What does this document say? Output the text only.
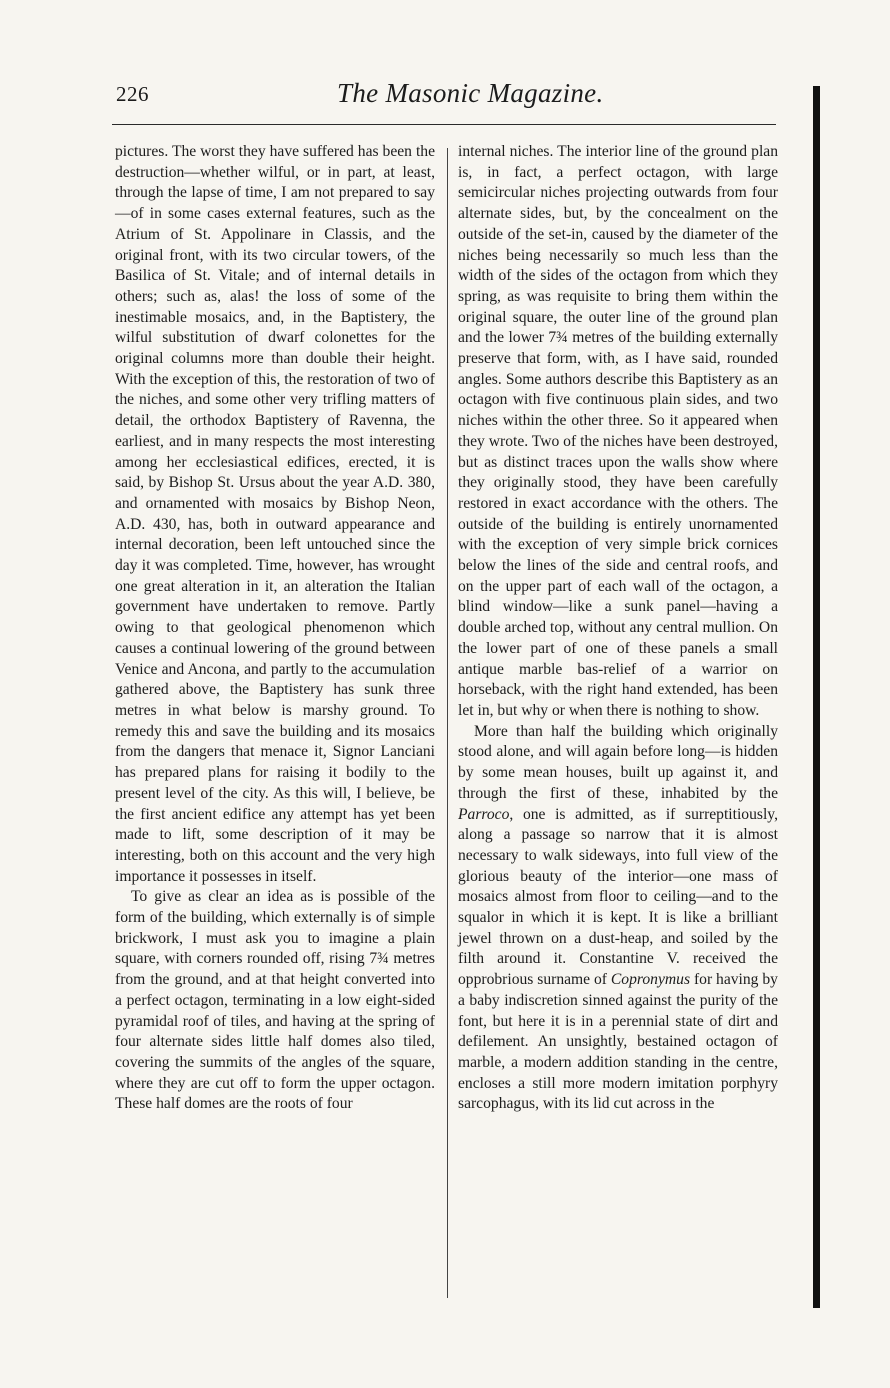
226	The Masonic Magazine.

pictures. The worst they have suffered has been the destruction—whether wilful, or in part, at least, through the lapse of time, I am not prepared to say—of in some cases external features, such as the Atrium of St. Appolinare in Classis, and the original front, with its two circular towers, of the Basilica of St. Vitale; and of internal details in others; such as, alas! the loss of some of the inestimable mosaics, and, in the Baptistery, the wilful substitution of dwarf colonettes for the original columns more than double their height. With the exception of this, the restoration of two of the niches, and some other very trifling matters of detail, the orthodox Baptistery of Ravenna, the earliest, and in many respects the most interesting among her ecclesiastical edifices, erected, it is said, by Bishop St. Ursus about the year A.D. 380, and ornamented with mosaics by Bishop Neon, A.D. 430, has, both in outward appearance and internal decoration, been left untouched since the day it was completed. Time, however, has wrought one great alteration in it, an alteration the Italian government have undertaken to remove. Partly owing to that geological phenomenon which causes a continual lowering of the ground between Venice and Ancona, and partly to the accumulation gathered above, the Baptistery has sunk three metres in what below is marshy ground. To remedy this and save the building and its mosaics from the dangers that menace it, Signor Lanciani has prepared plans for raising it bodily to the present level of the city. As this will, I believe, be the first ancient edifice any attempt has yet been made to lift, some description of it may be interesting, both on this account and the very high importance it possesses in itself.

To give as clear an idea as is possible of the form of the building, which externally is of simple brickwork, I must ask you to imagine a plain square, with corners rounded off, rising 7¾ metres from the ground, and at that height converted into a perfect octagon, terminating in a low eight-sided pyramidal roof of tiles, and having at the spring of four alternate sides little half domes also tiled, covering the summits of the angles of the square, where they are cut off to form the upper octagon. These half domes are the roots of four

internal niches. The interior line of the ground plan is, in fact, a perfect octagon, with large semicircular niches projecting outwards from four alternate sides, but, by the concealment on the outside of the set-in, caused by the diameter of the niches being necessarily so much less than the width of the sides of the octagon from which they spring, as was requisite to bring them within the original square, the outer line of the ground plan and the lower 7¾ metres of the building externally preserve that form, with, as I have said, rounded angles. Some authors describe this Baptistery as an octagon with five continuous plain sides, and two niches within the other three. So it appeared when they wrote. Two of the niches have been destroyed, but as distinct traces upon the walls show where they originally stood, they have been carefully restored in exact accordance with the others. The outside of the building is entirely unornamented with the exception of very simple brick cornices below the lines of the side and central roofs, and on the upper part of each wall of the octagon, a blind window—like a sunk panel—having a double arched top, without any central mullion. On the lower part of one of these panels a small antique marble bas-relief of a warrior on horseback, with the right hand extended, has been let in, but why or when there is nothing to show.

More than half the building which originally stood alone, and will again before long—is hidden by some mean houses, built up against it, and through the first of these, inhabited by the Parroco, one is admitted, as if surreptitiously, along a passage so narrow that it is almost necessary to walk sideways, into full view of the glorious beauty of the interior—one mass of mosaics almost from floor to ceiling—and to the squalor in which it is kept. It is like a brilliant jewel thrown on a dust-heap, and soiled by the filth around it. Constantine V. received the opprobrious surname of Copronymus for having by a baby indiscretion sinned against the purity of the font, but here it is in a perennial state of dirt and defilement. An unsightly, bestained octagon of marble, a modern addition standing in the centre, encloses a still more modern imitation porphyry sarcophagus, with its lid cut across in the
